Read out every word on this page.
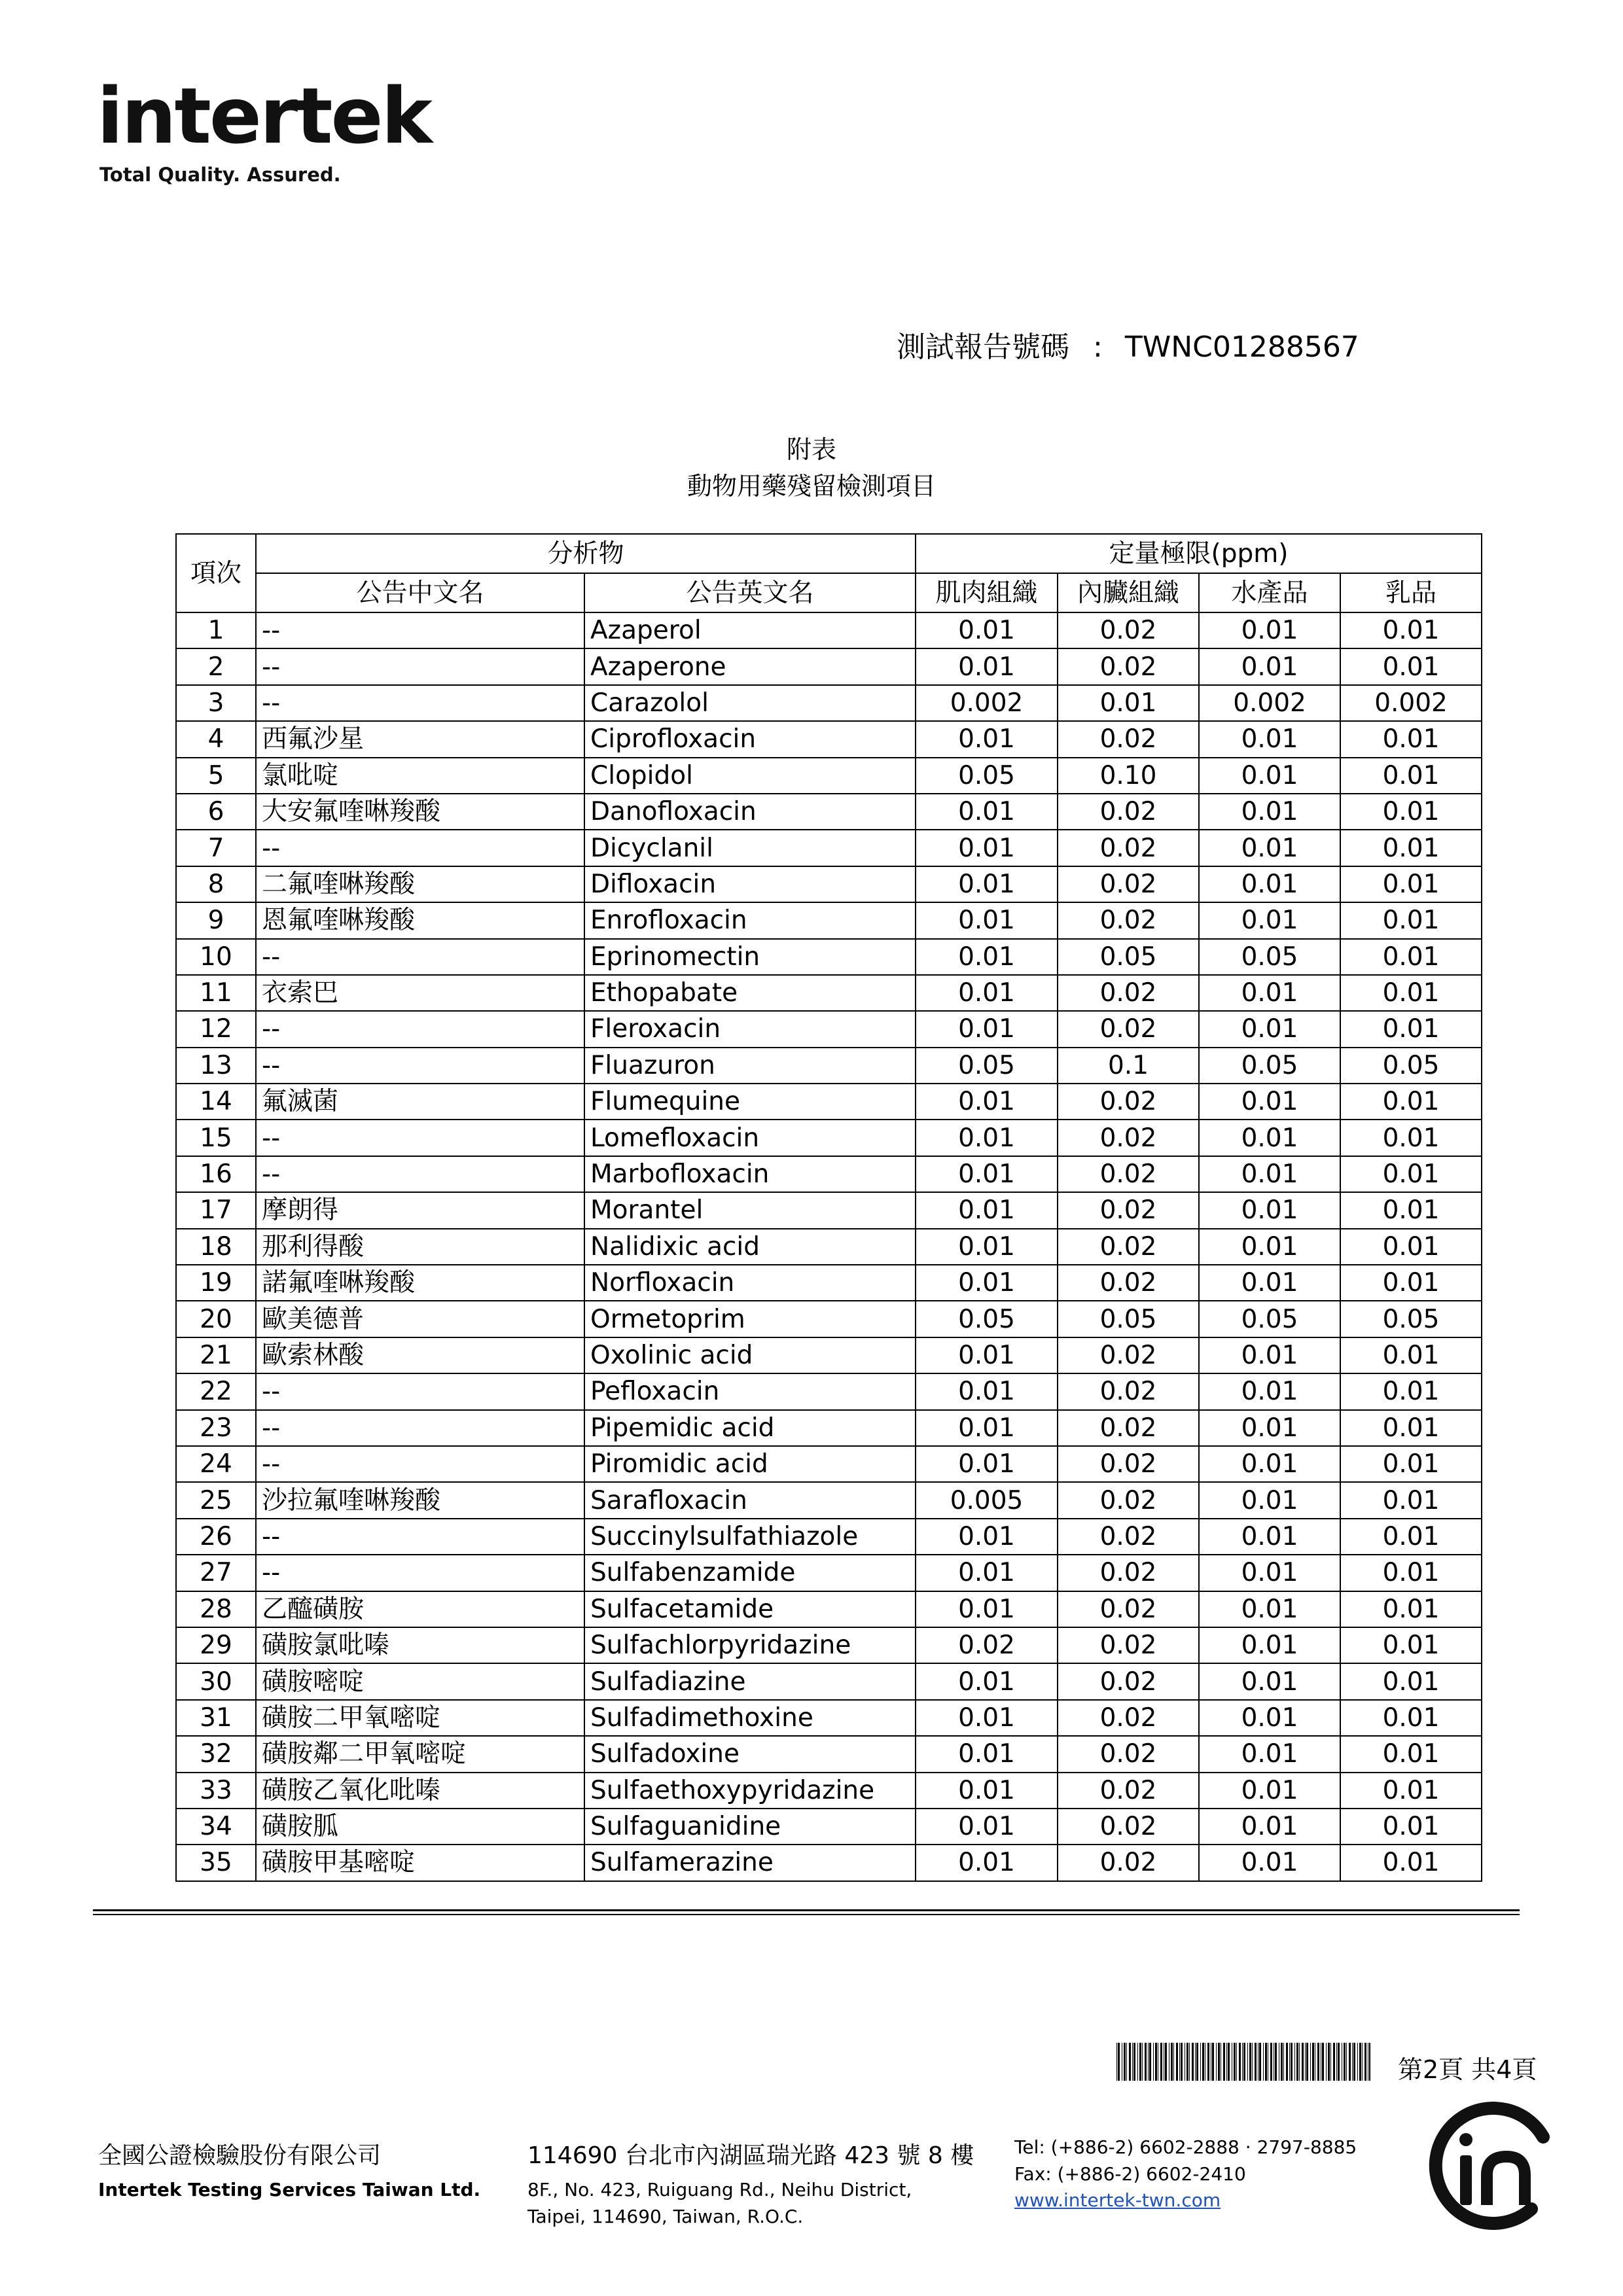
intertek
Total Quality. Assured.
測試報告號碼 : TWNC01288567
附表
動物用藥殘留檢測項目
項次	分析物		定量極限(ppm)			
	公告中文名	公告英文名	肌肉組織	內臟組織	水產品	乳品
1	--	Azaperol	0.01	0.02	0.01	0.01
2	--	Azaperone	0.01	0.02	0.01	0.01
3	--	Carazolol	0.002	0.01	0.002	0.002
4	西氟沙星	Ciprofloxacin	0.01	0.02	0.01	0.01
5	氯吡啶	Clopidol	0.05	0.10	0.01	0.01
6	大安氟喹啉羧酸	Danofloxacin	0.01	0.02	0.01	0.01
7	--	Dicyclanil	0.01	0.02	0.01	0.01
8	二氟喹啉羧酸	Difloxacin	0.01	0.02	0.01	0.01
9	恩氟喹啉羧酸	Enrofloxacin	0.01	0.02	0.01	0.01
10	--	Eprinomectin	0.01	0.05	0.05	0.01
11	衣索巴	Ethopabate	0.01	0.02	0.01	0.01
12	--	Fleroxacin	0.01	0.02	0.01	0.01
13	--	Fluazuron	0.05	0.1	0.05	0.05
14	氟滅菌	Flumequine	0.01	0.02	0.01	0.01
15	--	Lomefloxacin	0.01	0.02	0.01	0.01
16	--	Marbofloxacin	0.01	0.02	0.01	0.01
17	摩朗得	Morantel	0.01	0.02	0.01	0.01
18	那利得酸	Nalidixic acid	0.01	0.02	0.01	0.01
19	諾氟喹啉羧酸	Norfloxacin	0.01	0.02	0.01	0.01
20	歐美德普	Ormetoprim	0.05	0.05	0.05	0.05
21	歐索林酸	Oxolinic acid	0.01	0.02	0.01	0.01
22	--	Pefloxacin	0.01	0.02	0.01	0.01
23	--	Pipemidic acid	0.01	0.02	0.01	0.01
24	--	Piromidic acid	0.01	0.02	0.01	0.01
25	沙拉氟喹啉羧酸	Sarafloxacin	0.005	0.02	0.01	0.01
26	--	Succinylsulfathiazole	0.01	0.02	0.01	0.01
27	--	Sulfabenzamide	0.01	0.02	0.01	0.01
28	乙醯磺胺	Sulfacetamide	0.01	0.02	0.01	0.01
29	磺胺氯吡嗪	Sulfachlorpyridazine	0.02	0.02	0.01	0.01
30	磺胺嘧啶	Sulfadiazine	0.01	0.02	0.01	0.01
31	磺胺二甲氧嘧啶	Sulfadimethoxine	0.01	0.02	0.01	0.01
32	磺胺鄰二甲氧嘧啶	Sulfadoxine	0.01	0.02	0.01	0.01
33	磺胺乙氧化吡嗪	Sulfaethoxypyridazine	0.01	0.02	0.01	0.01
34	磺胺胍	Sulfaguanidine	0.01	0.02	0.01	0.01
35	磺胺甲基嘧啶	Sulfamerazine	0.01	0.02	0.01	0.01
第2頁 共4頁
全國公證檢驗股份有限公司
Intertek Testing Services Taiwan Ltd.
114690 台北市內湖區瑞光路 423 號 8 樓
8F., No. 423, Ruiguang Rd., Neihu District,
Taipei, 114690, Taiwan, R.O.C.
Tel: (+886-2) 6602-2888 · 2797-8885
Fax: (+886-2) 6602-2410
www.intertek-twn.com
